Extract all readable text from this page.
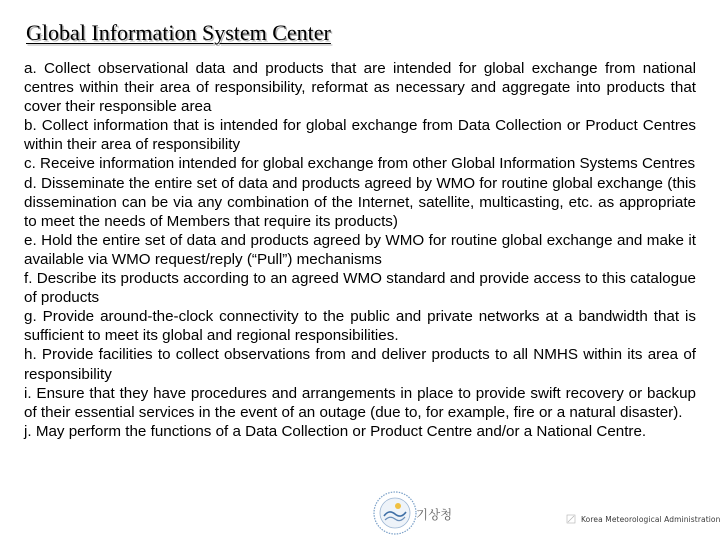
Global Information System Center

a. Collect observational data and products that are intended for global exchange from national centres within their area of responsibility, reformat as necessary and aggregate into products that cover their responsible area

b. Collect information that is intended for global exchange from Data Collection or Product Centres within their area of responsibility

c. Receive information intended for global exchange from other Global Information Systems Centres

d. Disseminate the entire set of data and products agreed by WMO for routine global exchange (this dissemination can be via any combination of the Internet, satellite, multicasting, etc. as appropriate to meet the needs of Members that require its products)

e. Hold the entire set of data and products agreed by WMO for routine global exchange and make it available via WMO request/reply (“Pull”) mechanisms

f. Describe its products according to an agreed WMO standard and provide access to this catalogue of products

g. Provide around-the-clock connectivity to the public and private networks at a bandwidth that is sufficient to meet its global and regional responsibilities.

h. Provide facilities to collect observations from and deliver products to all NMHS within its area of responsibility

i. Ensure that they have procedures and arrangements in place to provide swift recovery or backup of their essential services in the event of an outage (due to, for example, fire or a natural disaster).

j. May perform the functions of a Data Collection or Product Centre and/or a National Centre.

기상청	Korea Meteorological Administration
